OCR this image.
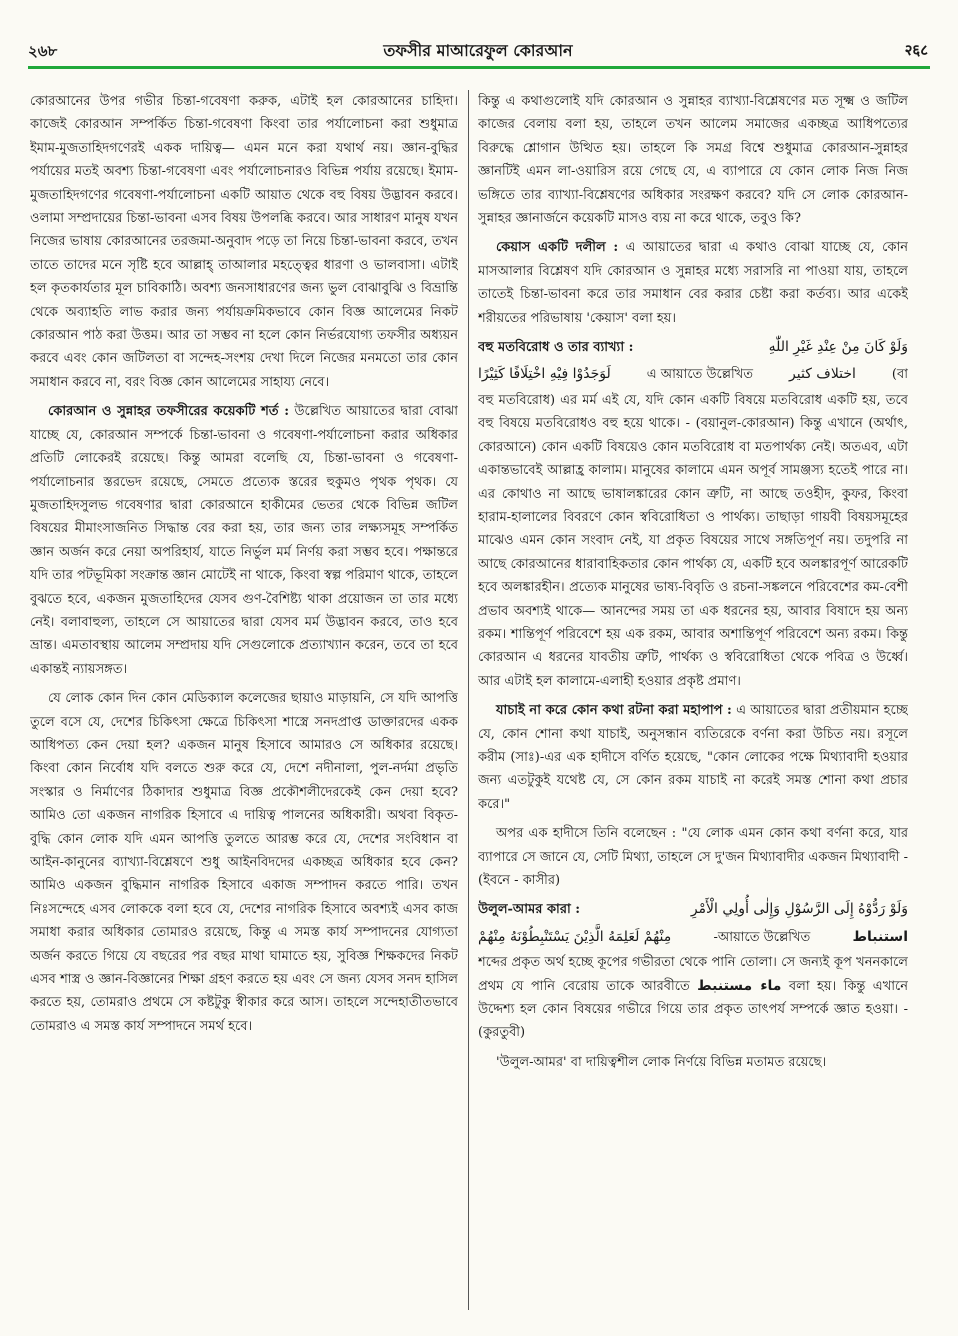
২৬৮	তফসীর মাআরেফুল কোরআন	२६८

কোরআনের উপর গভীর চিন্তা-গবেষণা করুক, এটাই হল কোরআনের চাহিদা। কাজেই কোরআন সম্পর্কিত চিন্তা-গবেষণা কিংবা তার পর্যালোচনা করা শুধুমাত্র ইমাম-মুজতাহিদগণেরই একক দায়িত্ব— এমন মনে করা যথার্থ নয়। জ্ঞান-বুদ্ধির পর্যায়ের মতই অবশ্য চিন্তা-গবেষণা এবং পর্যালোচনারও বিভিন্ন পর্যায় রয়েছে। ইমাম-মুজতাহিদগণের গবেষণা-পর্যালোচনা একটি আয়াত থেকে বহু বিষয় উদ্ভাবন করবে। ওলামা সম্প্রদায়ের চিন্তা-ভাবনা এসব বিষয় উপলব্ধি করবে। আর সাধারণ মানুষ যখন নিজের ভাষায় কোরআনের তরজমা-অনুবাদ পড়ে তা নিয়ে চিন্তা-ভাবনা করবে, তখন তাতে তাদের মনে সৃষ্টি হবে আল্লাহ্ তাআলার মহত্ত্বের ধারণা ও ভালবাসা। এটাই হল কৃতকার্যতার মূল চাবিকাঠি। অবশ্য জনসাধারণের জন্য ভুল বোঝাবুঝি ও বিভ্রান্তি থেকে অব্যাহতি লাভ করার জন্য পর্যায়ক্রমিকভাবে কোন বিজ্ঞ আলেমের নিকট কোরআন পাঠ করা উত্তম। আর তা সম্ভব না হলে কোন নির্ভরযোগ্য তফসীর অধ্যয়ন করবে এবং কোন জটিলতা বা সন্দেহ-সংশয় দেখা দিলে নিজের মনমতো তার কোন সমাধান করবে না, বরং বিজ্ঞ কোন আলেমের সাহায্য নেবে।

কোরআন ও সুন্নাহর তফসীরের কয়েকটি শর্ত : উল্লেখিত আয়াতের দ্বারা বোঝা যাচ্ছে যে, কোরআন সম্পর্কে চিন্তা-ভাবনা ও গবেষণা-পর্যালোচনা করার অধিকার প্রতিটি লোকেরই রয়েছে। কিন্তু আমরা বলেছি যে, চিন্তা-ভাবনা ও গবেষণা-পর্যালোচনার স্তরভেদ রয়েছে, সেমতে প্রত্যেক স্তরের হুকুমও পৃথক পৃথক। যে মুজতাহিদসুলভ গবেষণার দ্বারা কোরআনে হাকীমের ভেতর থেকে বিভিন্ন জটিল বিষয়ের মীমাংসাজনিত সিদ্ধান্ত বের করা হয়, তার জন্য তার লক্ষ্যসমূহ সম্পর্কিত জ্ঞান অর্জন করে নেয়া অপরিহার্য, যাতে নির্ভুল মর্ম নির্ণয় করা সম্ভব হবে। পক্ষান্তরে যদি তার পটভূমিকা সংক্রান্ত জ্ঞান মোটেই না থাকে, কিংবা স্বল্প পরিমাণ থাকে, তাহলে বুঝতে হবে, একজন মুজতাহিদের যেসব গুণ-বৈশিষ্ট্য থাকা প্রয়োজন তা তার মধ্যে নেই। বলাবাহুল্য, তাহলে সে আয়াতের দ্বারা যেসব মর্ম উদ্ভাবন করবে, তাও হবে ভ্রান্ত। এমতাবস্থায় আলেম সম্প্রদায় যদি সেগুলোকে প্রত্যাখ্যান করেন, তবে তা হবে একান্তই ন্যায়সঙ্গত।

যে লোক কোন দিন কোন মেডিক্যাল কলেজের ছায়াও মাড়ায়নি, সে যদি আপত্তি তুলে বসে যে, দেশের চিকিৎসা ক্ষেত্রে চিকিৎসা শাস্ত্রে সনদপ্রাপ্ত ডাক্তারদের একক আধিপত্য কেন দেয়া হল? একজন মানুষ হিসাবে আমারও সে অধিকার রয়েছে। কিংবা কোন নির্বোধ যদি বলতে শুরু করে যে, দেশে নদীনালা, পুল-নর্দমা প্রভৃতি সংস্কার ও নির্মাণের ঠিকাদার শুধুমাত্র বিজ্ঞ প্রকৌশলীদেরকেই কেন দেয়া হবে? আমিও তো একজন নাগরিক হিসাবে এ দায়িত্ব পালনের অধিকারী। অথবা বিকৃত-বুদ্ধি কোন লোক যদি এমন আপত্তি তুলতে আরম্ভ করে যে, দেশের সংবিধান বা আইন-কানুনের ব্যাখ্যা-বিশ্লেষণে শুধু আইনবিদদের একচ্ছত্র অধিকার হবে কেন? আমিও একজন বুদ্ধিমান নাগরিক হিসাবে একাজ সম্পাদন করতে পারি। তখন নিঃসন্দেহে এসব লোককে বলা হবে যে, দেশের নাগরিক হিসাবে অবশ্যই এসব কাজ সমাধা করার অধিকার তোমারও রয়েছে, কিন্তু এ সমস্ত কার্য সম্পাদনের যোগ্যতা অর্জন করতে গিয়ে যে বছরের পর বছর মাথা ঘামাতে হয়, সুবিজ্ঞ শিক্ষকদের নিকট এসব শাস্ত্র ও জ্ঞান-বিজ্ঞানের শিক্ষা গ্রহণ করতে হয় এবং সে জন্য যেসব সনদ হাসিল করতে হয়, তোমরাও প্রথমে সে কষ্টটুকু স্বীকার করে আস। তাহলে সন্দেহাতীতভাবে তোমরাও এ সমস্ত কার্য সম্পাদনে সমর্থ হবে।

কিন্তু এ কথাগুলোই যদি কোরআন ও সুন্নাহর ব্যাখ্যা-বিশ্লেষণের মত সূক্ষ্ম ও জটিল কাজের বেলায় বলা হয়, তাহলে তখন আলেম সমাজের একচ্ছত্র আধিপত্যের বিরুদ্ধে শ্লোগান উত্থিত হয়। তাহলে কি সমগ্র বিশ্বে শুধুমাত্র কোরআন-সুন্নাহর জ্ঞানটিই এমন লা-ওয়ারিস রয়ে গেছে যে, এ ব্যাপারে যে কোন লোক নিজ নিজ ভঙ্গিতে তার ব্যাখ্যা-বিশ্লেষণের অধিকার সংরক্ষণ করবে? যদি সে লোক কোরআন-সুন্নাহর জ্ঞানার্জনে কয়েকটি মাসও ব্যয় না করে থাকে, তবুও কি?

কেয়াস একটি দলীল : এ আয়াতের দ্বারা এ কথাও বোঝা যাচ্ছে যে, কোন মাসআলার বিশ্লেষণ যদি কোরআন ও সুন্নাহর মধ্যে সরাসরি না পাওয়া যায়, তাহলে তাতেই চিন্তা-ভাবনা করে তার সমাধান বের করার চেষ্টা করা কর্তব্য। আর একেই শরীয়তের পরিভাষায় 'কেয়াস' বলা হয়।

বহু মতবিরোধ ও তার ব্যাখ্যা :	وَلَوْ كَانَ مِنْ عِنْدِ غَيْرِ اللّٰهِ
لَوَجَدُوْا فِيْهِ اخْتِلَافًا كَثِيْرًا	এ আয়াতে উল্লেখিত	اختلاف كثير	(বা

বহু মতবিরোধ) এর মর্ম এই যে, যদি কোন একটি বিষয়ে মতবিরোধ একটি হয়, তবে বহু বিষয়ে মতবিরোধও বহু হয়ে থাকে। - (বয়ানুল-কোরআন) কিন্তু এখানে (অর্থাৎ, কোরআনে) কোন একটি বিষয়েও কোন মতবিরোধ বা মতপার্থক্য নেই। অতএব, এটা একান্তভাবেই আল্লাহ্র কালাম। মানুষের কালামে এমন অপূর্ব সামঞ্জস্য হতেই পারে না। এর কোথাও না আছে ভাষালঙ্কারের কোন ত্রুটি, না আছে তওহীদ, কুফর, কিংবা হারাম-হালালের বিবরণে কোন স্ববিরোধিতা ও পার্থক্য। তাছাড়া গায়বী বিষয়সমূহের মাঝেও এমন কোন সংবাদ নেই, যা প্রকৃত বিষয়ের সাথে সঙ্গতিপূর্ণ নয়। তদুপরি না আছে কোরআনের ধারাবাহিকতার কোন পার্থক্য যে, একটি হবে অলঙ্কারপূর্ণ আরেকটি হবে অলঙ্কারহীন। প্রত্যেক মানুষের ভাষ্য-বিবৃতি ও রচনা-সঙ্কলনে পরিবেশের কম-বেশী প্রভাব অবশ্যই থাকে— আনন্দের সময় তা এক ধরনের হয়, আবার বিষাদে হয় অন্য রকম। শান্তিপূর্ণ পরিবেশে হয় এক রকম, আবার অশান্তিপূর্ণ পরিবেশে অন্য রকম। কিন্তু কোরআন এ ধরনের যাবতীয় ত্রুটি, পার্থক্য ও স্ববিরোধিতা থেকে পবিত্র ও উর্ধ্বে। আর এটাই হল কালামে-এলাহী হওয়ার প্রকৃষ্ট প্রমাণ।

যাচাই না করে কোন কথা রটনা করা মহাপাপ : এ আয়াতের দ্বারা প্রতীয়মান হচ্ছে যে, কোন শোনা কথা যাচাই, অনুসন্ধান ব্যতিরেকে বর্ণনা করা উচিত নয়। রসূলে করীম (সাঃ)-এর এক হাদীসে বর্ণিত হয়েছে, "কোন লোকের পক্ষে মিথ্যাবাদী হওয়ার জন্য এতটুকুই যথেষ্ট যে, সে কোন রকম যাচাই না করেই সমস্ত শোনা কথা প্রচার করে।"

অপর এক হাদীসে তিনি বলেছেন : "যে লোক এমন কোন কথা বর্ণনা করে, যার ব্যাপারে সে জানে যে, সেটি মিথ্যা, তাহলে সে দু'জন মিথ্যাবাদীর একজন মিথ্যাবাদী - (ইবনে - কাসীর)

উলুল-আমর কারা :	وَلَوْ رَدُّوْهُ إِلَى الرَّسُوْلِ وَإِلٰى أُولِي الْأَمْرِ
مِنْهُمْ لَعَلِمَهُ الَّذِيْنَ يَسْتَنْبِطُوْنَهُ مِنْهُمْ	-আয়াতে উল্লেখিত	استنباط

শব্দের প্রকৃত অর্থ হচ্ছে কূপের গভীরতা থেকে পানি তোলা। সে জন্যই কূপ খননকালে প্রথম যে পানি বেরোয় তাকে আরবীতে ماء مستنبط বলা হয়। কিন্তু এখানে উদ্দেশ্য হল কোন বিষয়ের গভীরে গিয়ে তার প্রকৃত তাৎপর্য সম্পর্কে জ্ঞাত হওয়া। - (কুরতুবী)

'উলুল-আমর' বা দায়িত্বশীল লোক নির্ণয়ে বিভিন্ন মতামত রয়েছে।
